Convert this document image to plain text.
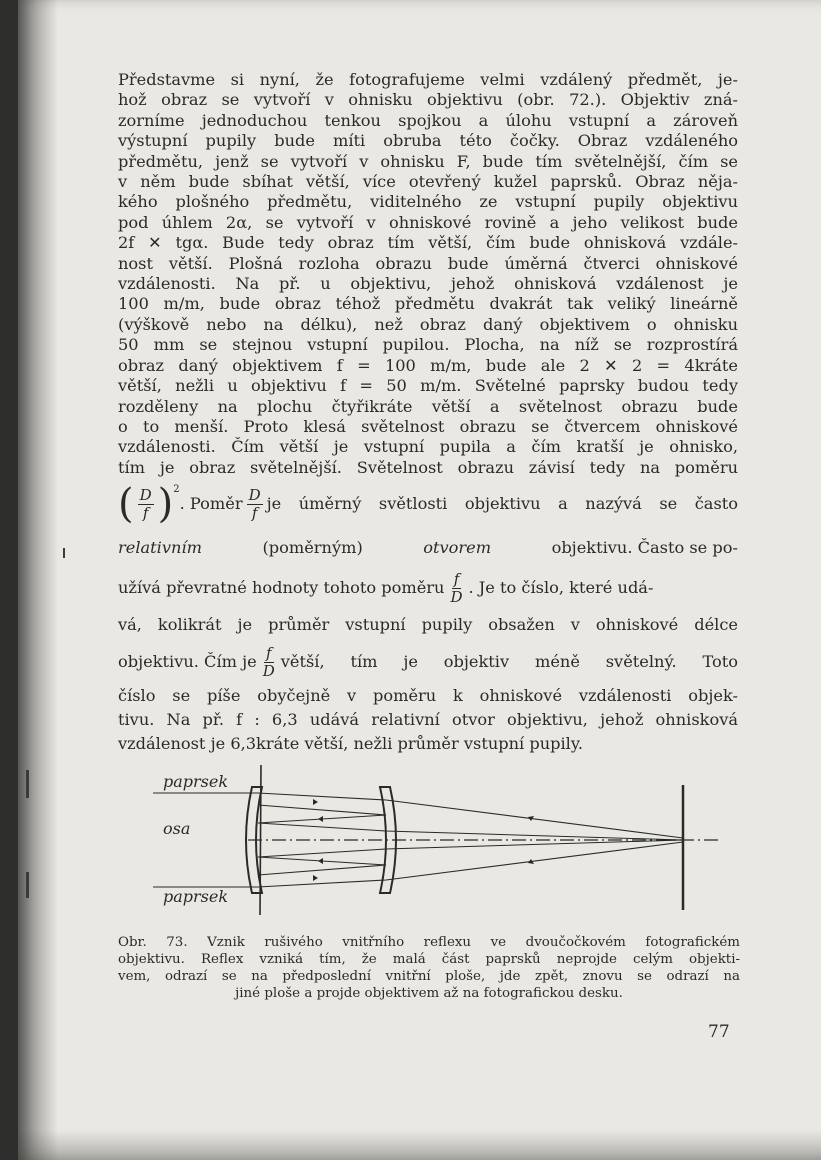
Představme si nyní, že fotografujeme velmi vzdálený předmět, je-
hož obraz se vytvoří v ohnisku objektivu (obr. 72.). Objektiv zná-
zorníme jednoduchou tenkou spojkou a úlohu vstupní a zároveň
výstupní pupily bude míti obruba této čočky. Obraz vzdáleného
předmětu, jenž se vytvoří v ohnisku F, bude tím světelnější, čím se
v něm bude sbíhat větší, více otevřený kužel paprsků. Obraz něja-
kého plošného předmětu, viditelného ze vstupní pupily objektivu
pod úhlem 2α, se vytvoří v ohniskové rovině a jeho velikost bude
2f ✕ tgα. Bude tedy obraz tím větší, čím bude ohnisková vzdále-
nost větší. Plošná rozloha obrazu bude úměrná čtverci ohniskové
vzdálenosti. Na př. u objektivu, jehož ohnisková vzdálenost je
100 m/m, bude obraz téhož předmětu dvakrát tak veliký lineárně
(výškově nebo na délku), než obraz daný objektivem o ohnisku
50 mm se stejnou vstupní pupilou. Plocha, na níž se rozprostírá
obraz daný objektivem f = 100 m/m, bude ale 2 ✕ 2 = 4kráte
větší, nežli u objektivu f = 50 m/m. Světelné paprsky budou tedy
rozděleny na plochu čtyřikráte větší a světelnost obrazu bude
o to menší. Proto klesá světelnost obrazu se čtvercem ohniskové
vzdálenosti. Čím větší je vstupní pupila a čím kratší je ohnisko,
tím je obraz světelnější. Světelnost obrazu závisí tedy na poměru
( $\frac{D}{f}$ ) 2
. Poměr $\frac{D}{f}$ je úměrný světlosti objektivu a nazývá se často
relativním	(poměrným)	otvorem	objektivu. Často se po-
užívá převratné hodnoty tohoto poměru $\frac{f}{D}$ . Je to číslo, které udá-
vá, kolikrát je průměr vstupní pupily obsažen v ohniskové délce
objektivu. Čím je $\frac{f}{D}$ větší, tím je objektiv méně světelný. Toto
číslo se píše obyčejně v poměru k ohniskové vzdálenosti objek-
tivu. Na př. f : 6,3 udává relativní otvor objektivu, jehož ohnisková
vzdálenost je 6,3kráte větší, nežli průměr vstupní pupily.
paprsek
osa
paprsek
Obr. 73. Vznik rušivého vnitřního reflexu ve dvoučočkovém fotografickém
objektivu. Reflex vzniká tím, že malá část paprsků neprojde celým objekti-
vem, odrazí se na předposlední vnitřní ploše, jde zpět, znovu se odrazí na
jiné ploše a projde objektivem až na fotografickou desku.
77
